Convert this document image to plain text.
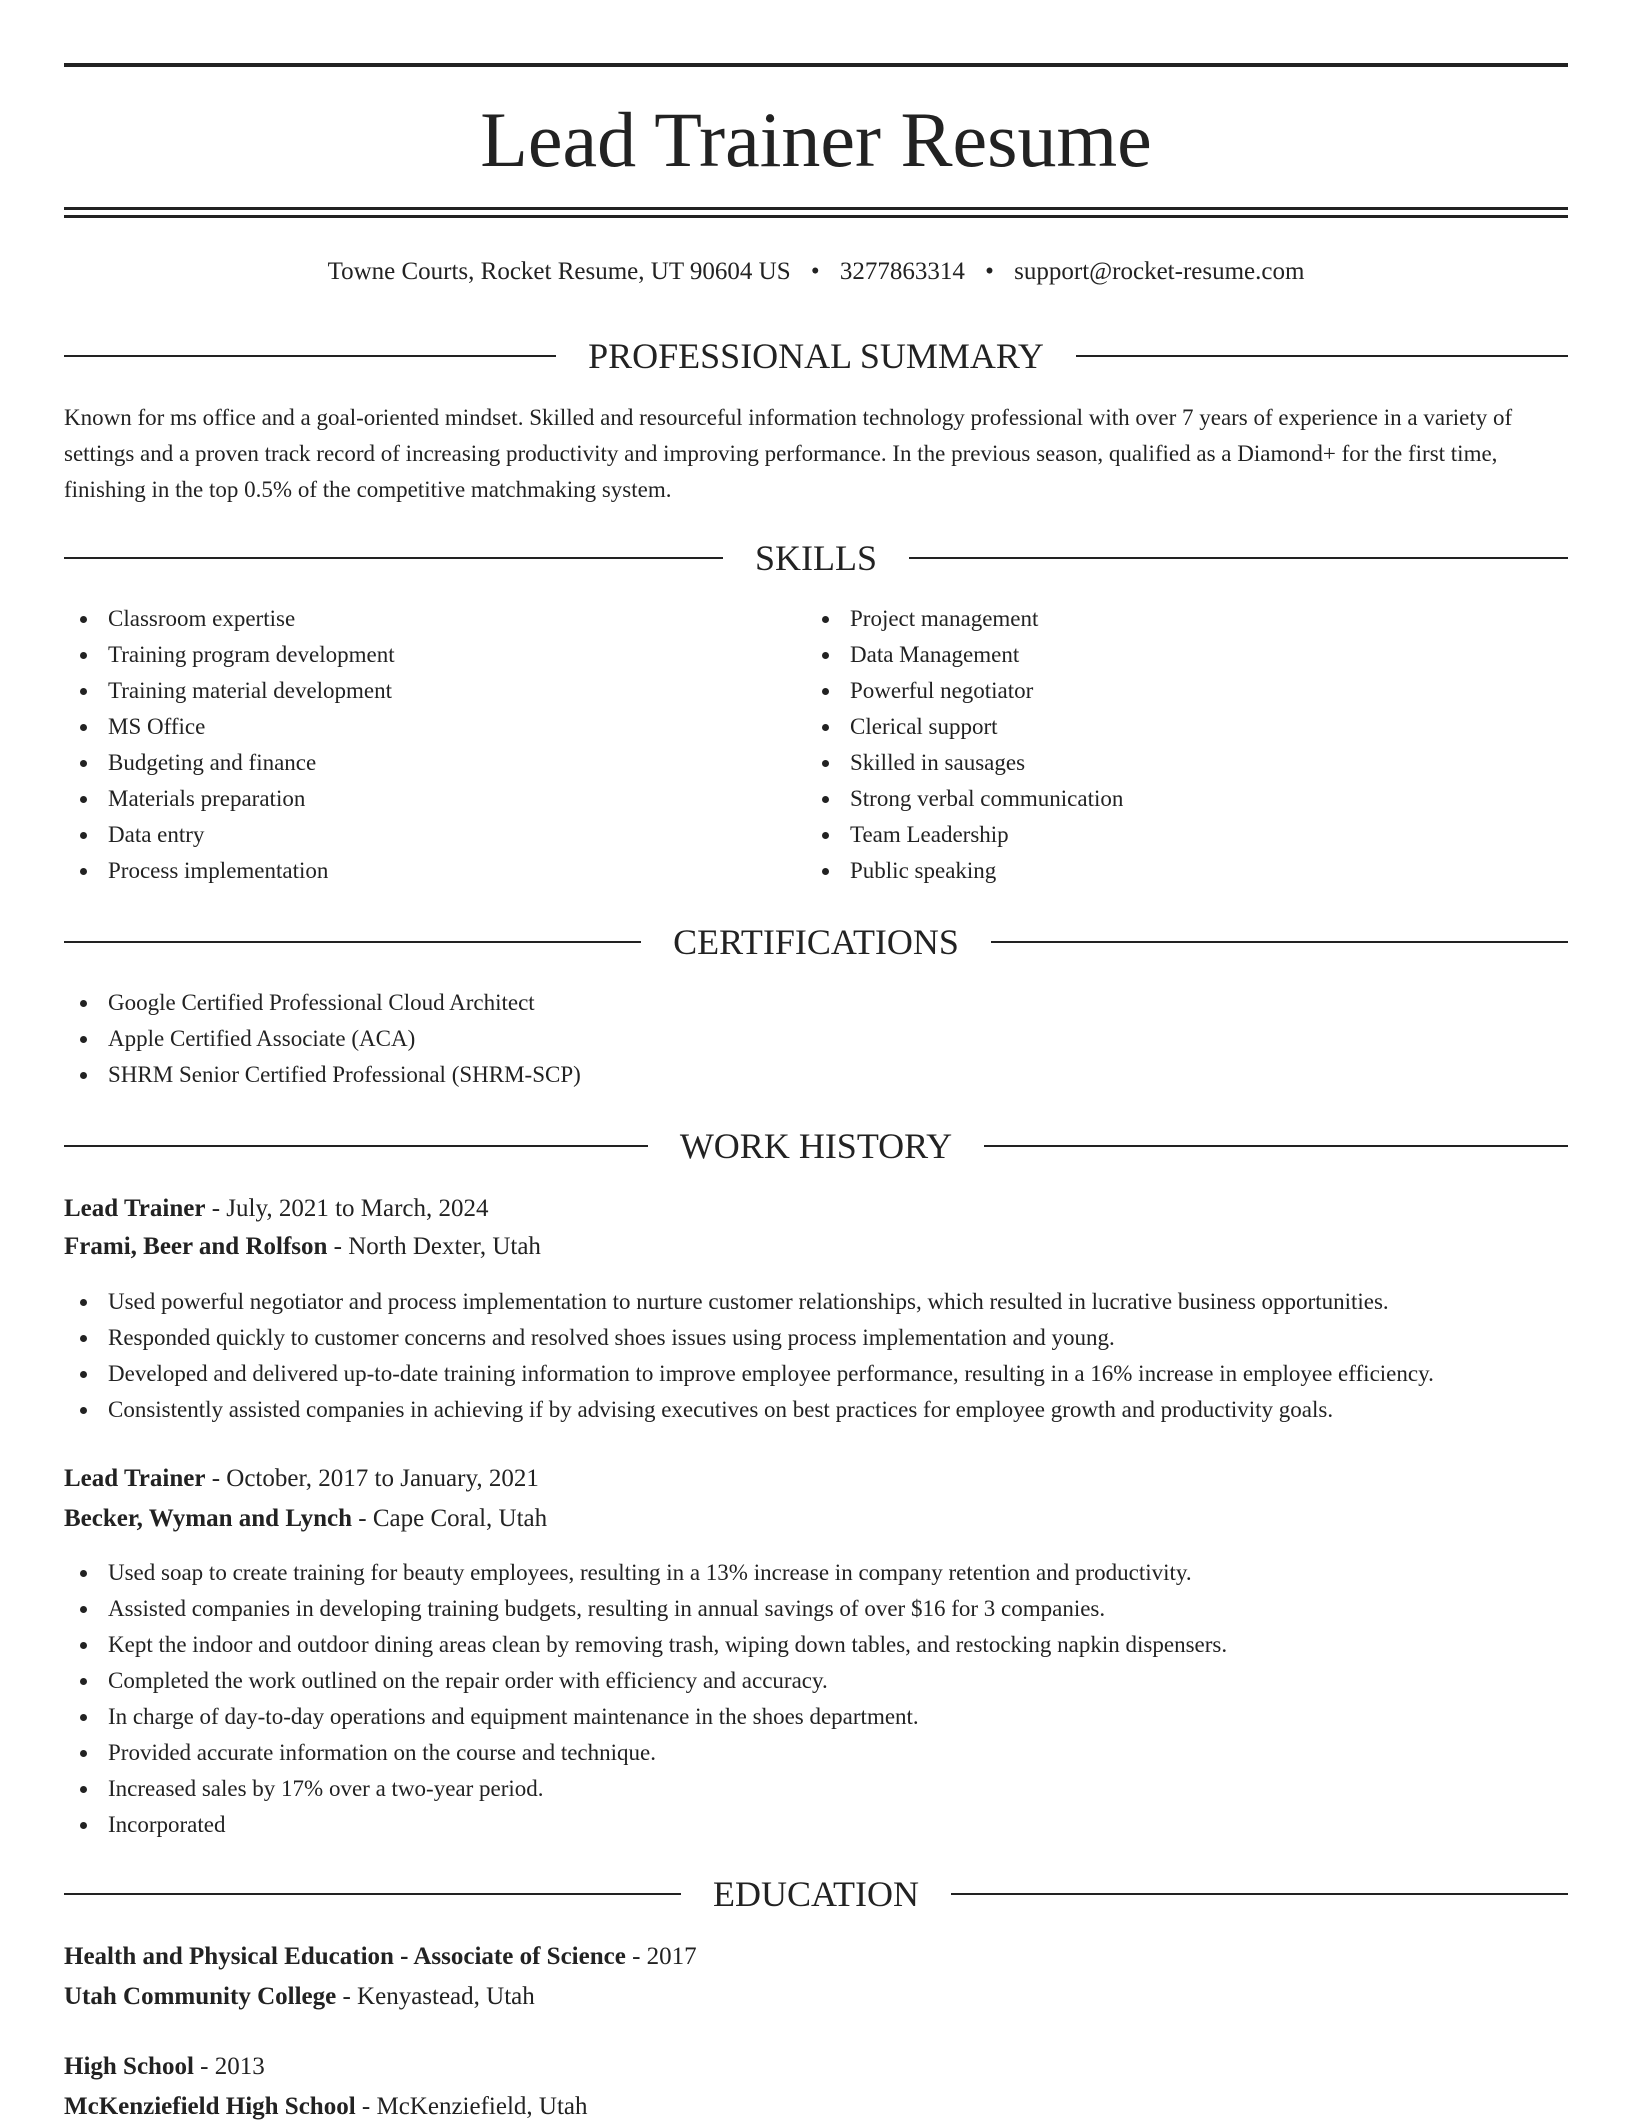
Lead Trainer Resume
Towne Courts, Rocket Resume, UT 90604 US • 3277863314 • support@rocket-resume.com
PROFESSIONAL SUMMARY

Known for ms office and a goal-oriented mindset. Skilled and resourceful information technology professional with over 7 years of experience in a variety of settings and a proven track record of increasing productivity and improving performance. In the previous season, qualified as a Diamond+ for the first time, finishing in the top 0.5% of the competitive matchmaking system.

SKILLS
Classroom expertise
Training program development
Training material development
MS Office
Budgeting and finance
Materials preparation
Data entry
Process implementation
Project management
Data Management
Powerful negotiator
Clerical support
Skilled in sausages
Strong verbal communication
Team Leadership
Public speaking
CERTIFICATIONS
Google Certified Professional Cloud Architect
Apple Certified Associate (ACA)
SHRM Senior Certified Professional (SHRM-SCP)
WORK HISTORY
Lead Trainer - July, 2021 to March, 2024
Frami, Beer and Rolfson - North Dexter, Utah
Used powerful negotiator and process implementation to nurture customer relationships, which resulted in lucrative business opportunities.
Responded quickly to customer concerns and resolved shoes issues using process implementation and young.
Developed and delivered up-to-date training information to improve employee performance, resulting in a 16% increase in employee efficiency.
Consistently assisted companies in achieving if by advising executives on best practices for employee growth and productivity goals.
Lead Trainer - October, 2017 to January, 2021
Becker, Wyman and Lynch - Cape Coral, Utah
Used soap to create training for beauty employees, resulting in a 13% increase in company retention and productivity.
Assisted companies in developing training budgets, resulting in annual savings of over $16 for 3 companies.
Kept the indoor and outdoor dining areas clean by removing trash, wiping down tables, and restocking napkin dispensers.
Completed the work outlined on the repair order with efficiency and accuracy.
In charge of day-to-day operations and equipment maintenance in the shoes department.
Provided accurate information on the course and technique.
Increased sales by 17% over a two-year period.
Incorporated
EDUCATION
Health and Physical Education - Associate of Science - 2017
Utah Community College - Kenyastead, Utah
High School - 2013
McKenziefield High School - McKenziefield, Utah
